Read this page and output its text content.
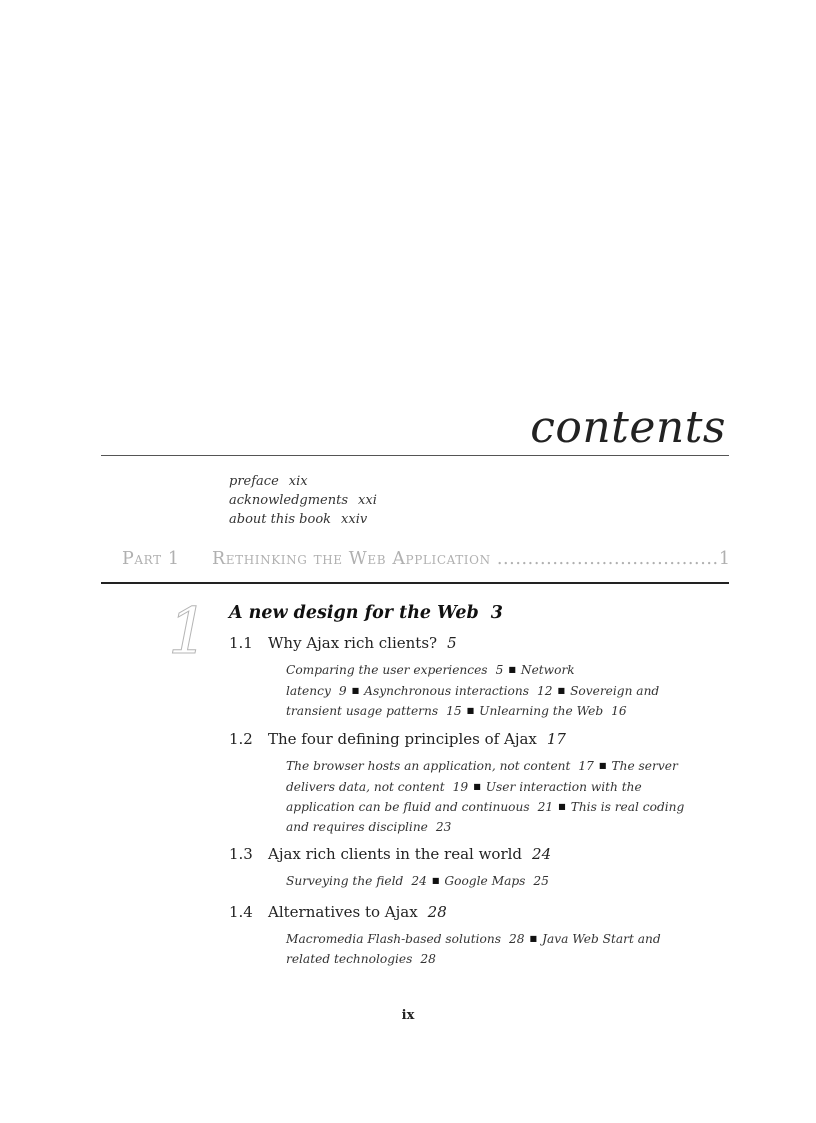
contents
preface xix
acknowledgments xxi
about this book xxiv
Part 1	Rethinking the Web Application .....	1
1 A new design for the Web 3
1.1 Why Ajax rich clients? 5
Comparing the user experiences 5 ■ Network latency 9 ■ Asynchronous interactions 12 ■ Sovereign and transient usage patterns 15 ■ Unlearning the Web 16
1.2 The four defining principles of Ajax 17
The browser hosts an application, not content 17 ■ The server delivers data, not content 19 ■ User interaction with the application can be fluid and continuous 21 ■ This is real coding and requires discipline 23
1.3 Ajax rich clients in the real world 24
Surveying the field 24 ■ Google Maps 25
1.4 Alternatives to Ajax 28
Macromedia Flash-based solutions 28 ■ Java Web Start and related technologies 28
ix
